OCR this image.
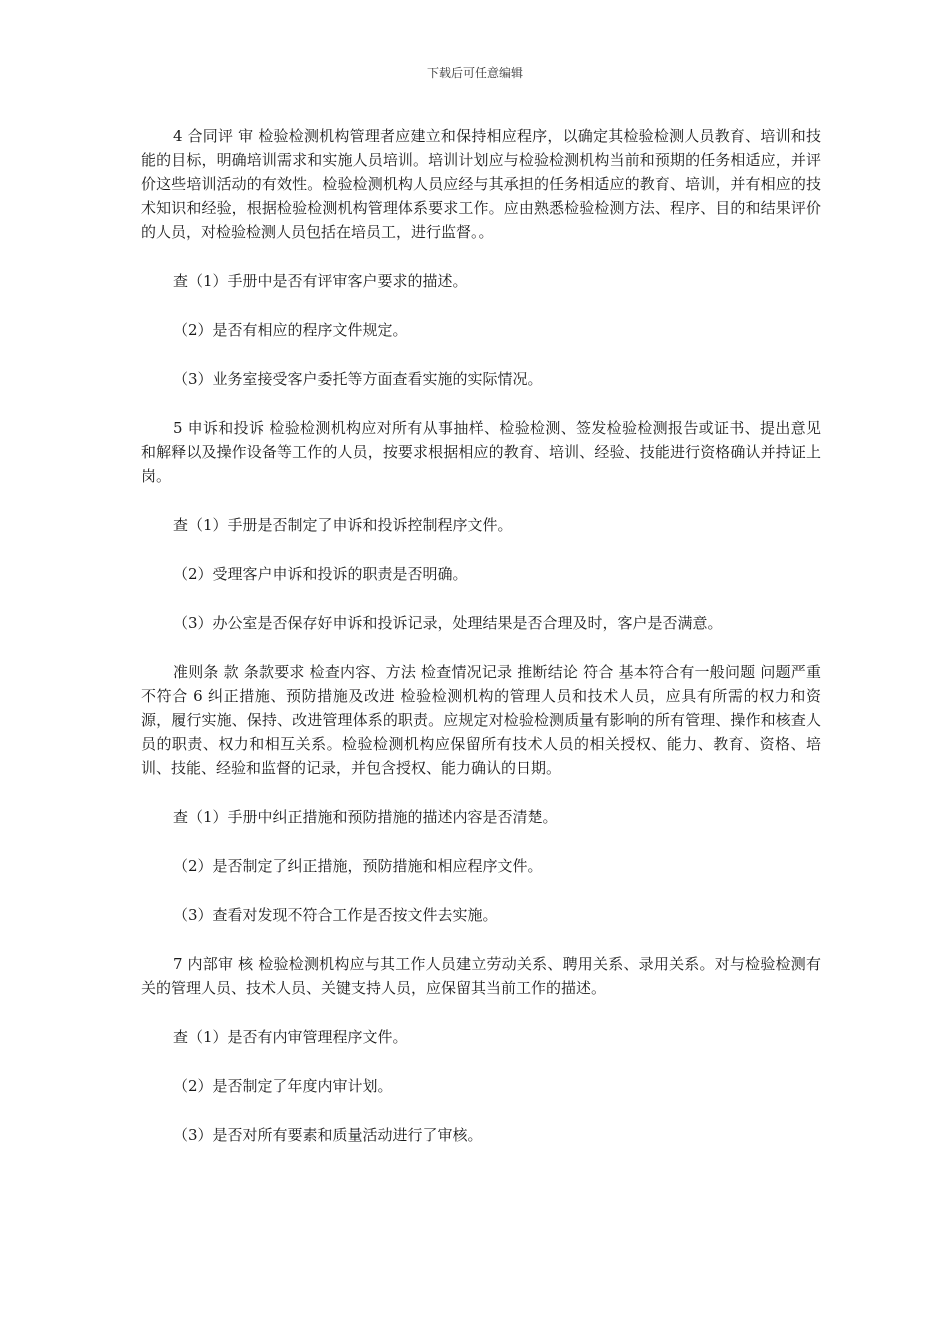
下载后可任意编辑

4 合同评 审 检验检测机构管理者应建立和保持相应程序，以确定其检验检测人员教育、培训和技能的目标，明确培训需求和实施人员培训。培训计划应与检验检测机构当前和预期的任务相适应，并评价这些培训活动的有效性。检验检测机构人员应经与其承担的任务相适应的教育、培训，并有相应的技术知识和经验，根据检验检测机构管理体系要求工作。应由熟悉检验检测方法、程序、目的和结果评价的人员，对检验检测人员包括在培员工，进行监督。。

查（1）手册中是否有评审客户要求的描述。

（2）是否有相应的程序文件规定。

（3）业务室接受客户委托等方面查看实施的实际情况。

5 申诉和投诉 检验检测机构应对所有从事抽样、检验检测、签发检验检测报告或证书、提出意见和解释以及操作设备等工作的人员，按要求根据相应的教育、培训、经验、技能进行资格确认并持证上岗。

查（1）手册是否制定了申诉和投诉控制程序文件。

（2）受理客户申诉和投诉的职责是否明确。

（3）办公室是否保存好申诉和投诉记录，处理结果是否合理及时，客户是否满意。

准则条 款 条款要求 检查内容、方法 检查情况记录 推断结论 符合 基本符合有一般问题 问题严重 不符合 6 纠正措施、预防措施及改进 检验检测机构的管理人员和技术人员，应具有所需的权力和资源，履行实施、保持、改进管理体系的职责。应规定对检验检测质量有影响的所有管理、操作和核查人员的职责、权力和相互关系。检验检测机构应保留所有技术人员的相关授权、能力、教育、资格、培训、技能、经验和监督的记录，并包含授权、能力确认的日期。

查（1）手册中纠正措施和预防措施的描述内容是否清楚。

（2）是否制定了纠正措施，预防措施和相应程序文件。

（3）查看对发现不符合工作是否按文件去实施。

7 内部审 核 检验检测机构应与其工作人员建立劳动关系、聘用关系、录用关系。对与检验检测有关的管理人员、技术人员、关键支持人员，应保留其当前工作的描述。

查（1）是否有内审管理程序文件。

（2）是否制定了年度内审计划。

（3）是否对所有要素和质量活动进行了审核。
